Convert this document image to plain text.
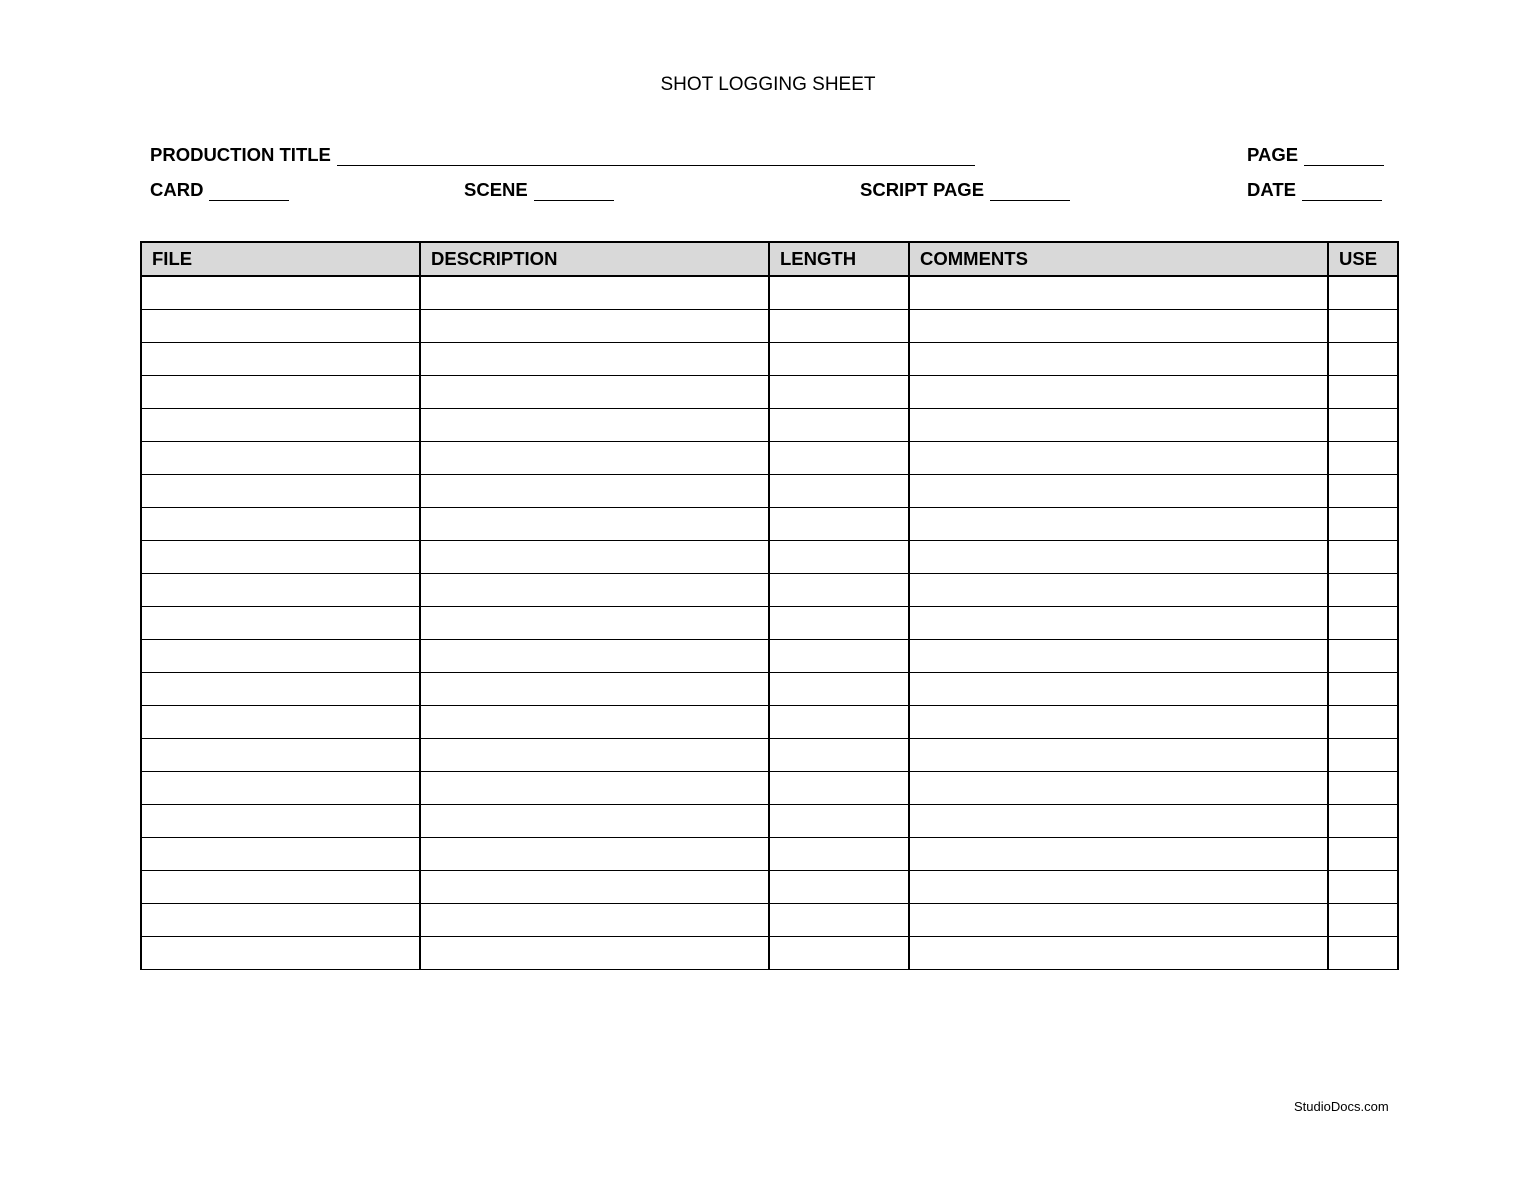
SHOT LOGGING SHEET
PRODUCTION TITLE	PAGE
CARD	SCENE	SCRIPT PAGE	DATE
FILE	DESCRIPTION	LENGTH	COMMENTS	USE

StudioDocs.com
